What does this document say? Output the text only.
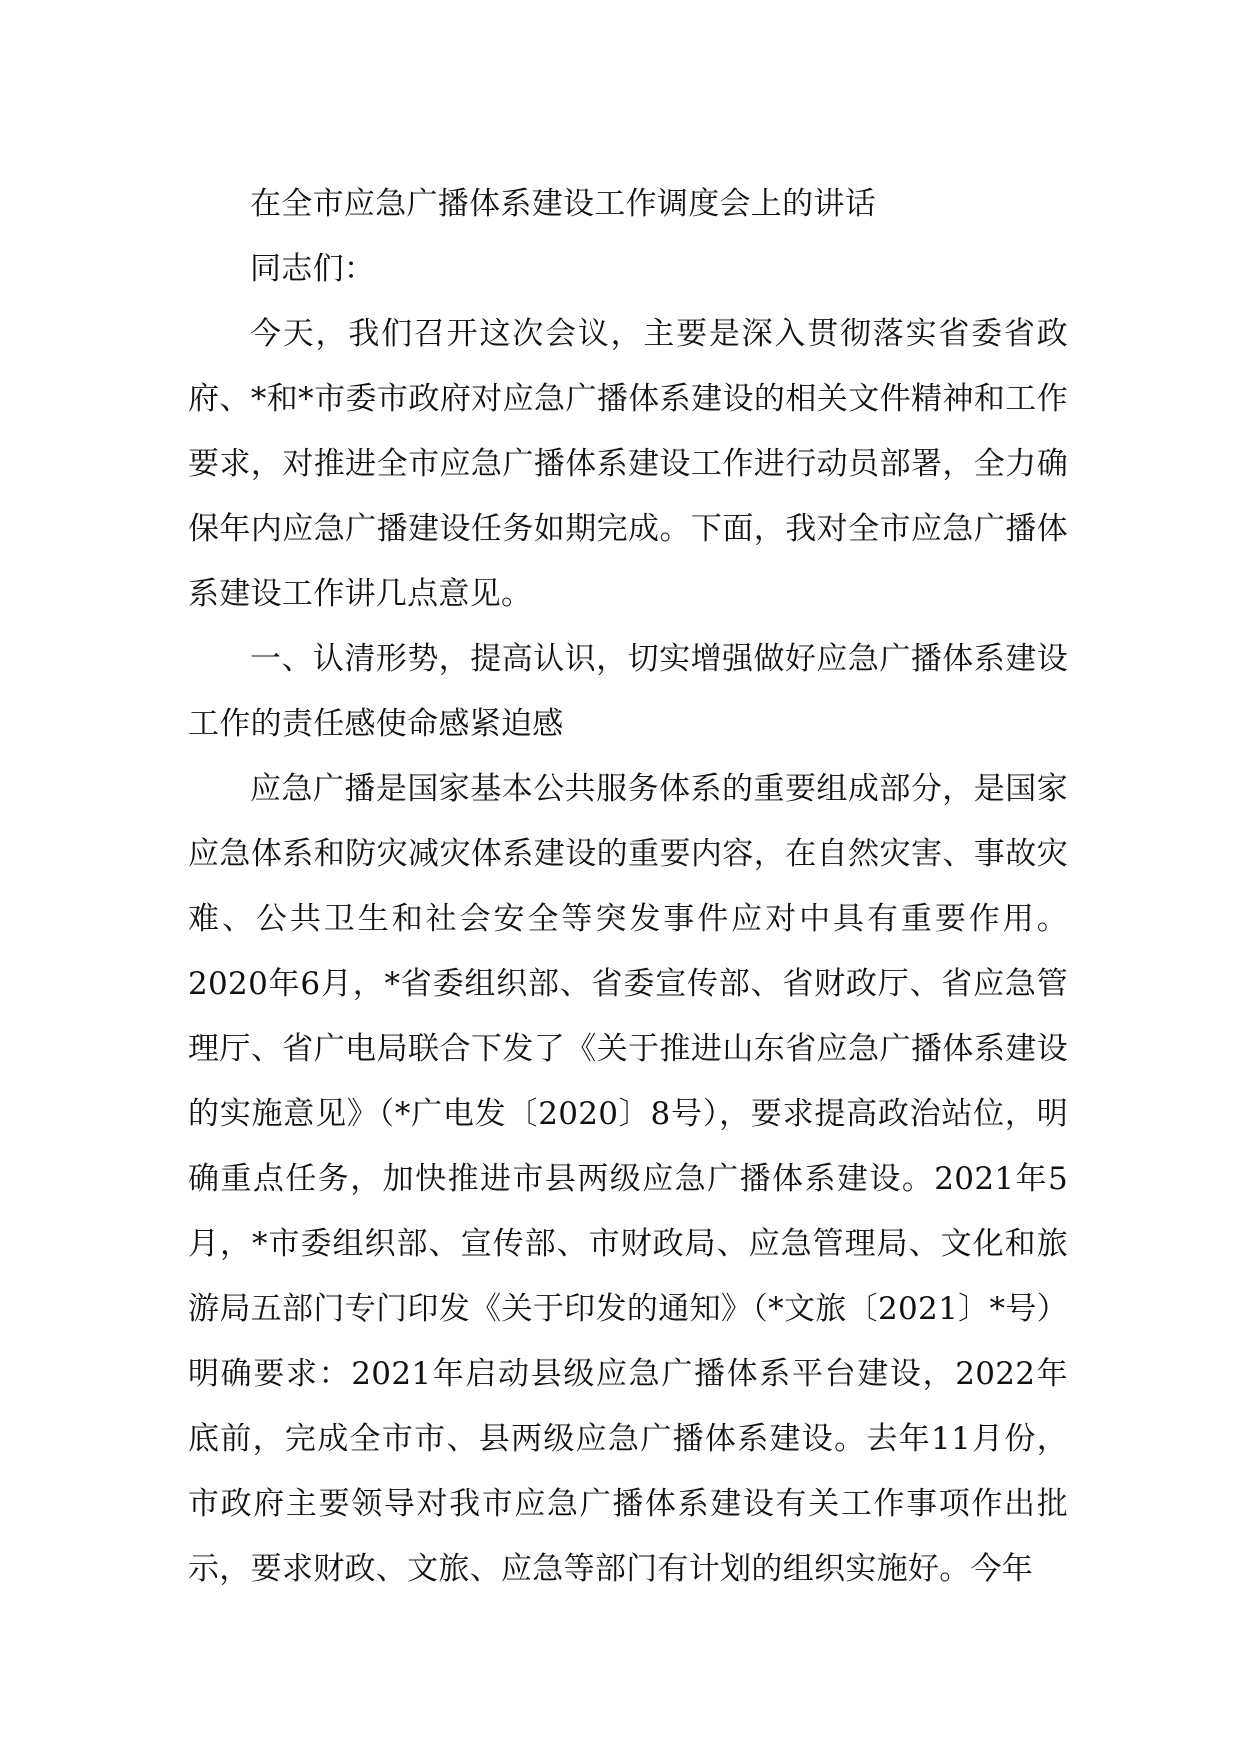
在全市应急广播体系建设工作调度会上的讲话

同志们：

今天，我们召开这次会议，主要是深入贯彻落实省委省政府、*和*市委市政府对应急广播体系建设的相关文件精神和工作要求，对推进全市应急广播体系建设工作进行动员部署，全力确保年内应急广播建设任务如期完成。下面，我对全市应急广播体系建设工作讲几点意见。

一、认清形势，提高认识，切实增强做好应急广播体系建设工作的责任感使命感紧迫感

应急广播是国家基本公共服务体系的重要组成部分，是国家应急体系和防灾减灾体系建设的重要内容，在自然灾害、事故灾难、公共卫生和社会安全等突发事件应对中具有重要作用。2020年6月，*省委组织部、省委宣传部、省财政厅、省应急管理厅、省广电局联合下发了《关于推进山东省应急广播体系建设的实施意见》（*广电发〔2020〕8号），要求提高政治站位，明确重点任务，加快推进市县两级应急广播体系建设。2021年5月，*市委组织部、宣传部、市财政局、应急管理局、文化和旅游局五部门专门印发《关于印发的通知》（*文旅〔2021〕*号）明确要求：2021年启动县级应急广播体系平台建设，2022年底前，完成全市市、县两级应急广播体系建设。去年11月份，市政府主要领导对我市应急广播体系建设有关工作事项作出批示，要求财政、文旅、应急等部门有计划的组织实施好。今年
